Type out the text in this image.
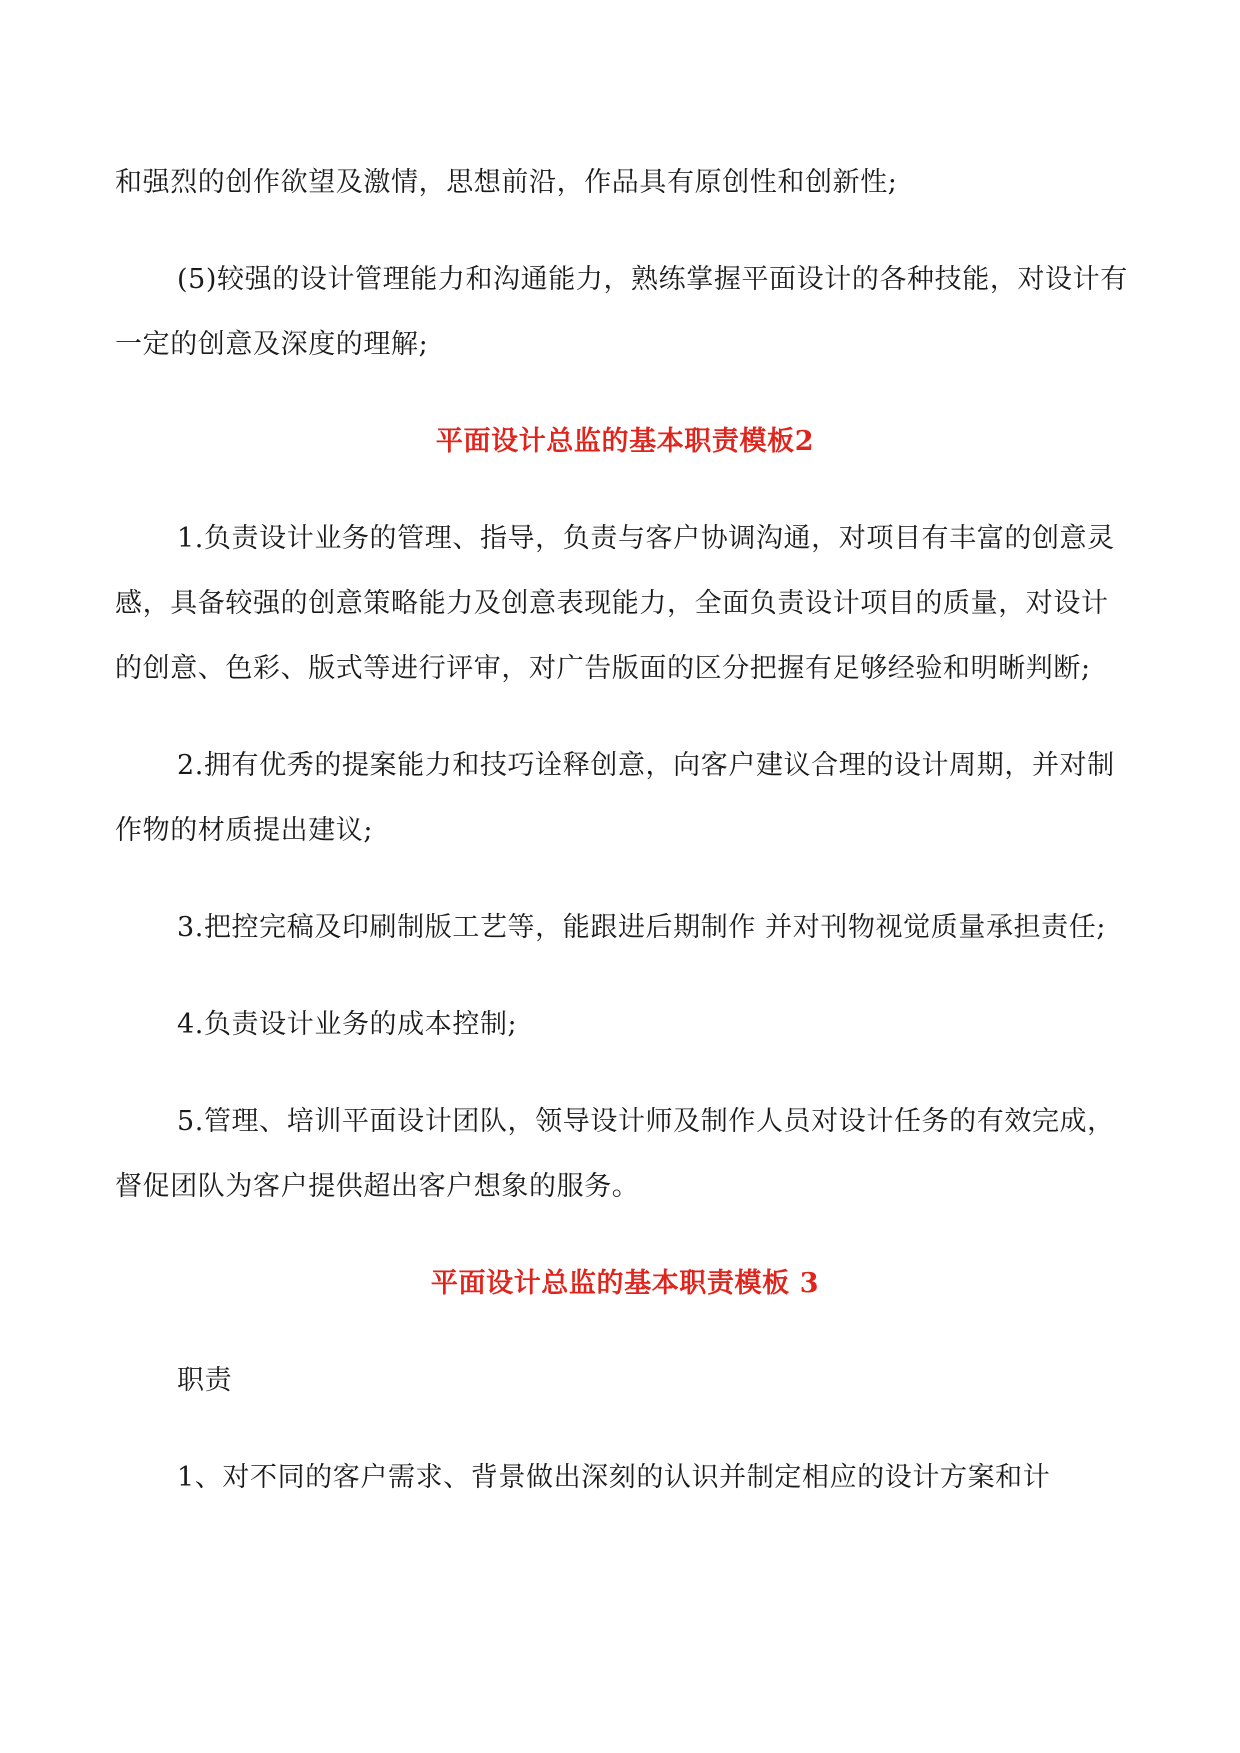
和强烈的创作欲望及激情，思想前沿，作品具有原创性和创新性;

(5)较强的设计管理能力和沟通能力，熟练掌握平面设计的各种技能，对设计有一定的创意及深度的理解;

平面设计总监的基本职责模板2

1.负责设计业务的管理、指导，负责与客户协调沟通，对项目有丰富的创意灵感，具备较强的创意策略能力及创意表现能力，全面负责设计项目的质量，对设计的创意、色彩、版式等进行评审，对广告版面的区分把握有足够经验和明晰判断;

2.拥有优秀的提案能力和技巧诠释创意，向客户建议合理的设计周期，并对制作物的材质提出建议;

3.把控完稿及印刷制版工艺等，能跟进后期制作 并对刊物视觉质量承担责任;

4.负责设计业务的成本控制;

5.管理、培训平面设计团队，领导设计师及制作人员对设计任务的有效完成，督促团队为客户提供超出客户想象的服务。

平面设计总监的基本职责模板 3

职责

1、对不同的客户需求、背景做出深刻的认识并制定相应的设计方案和计
